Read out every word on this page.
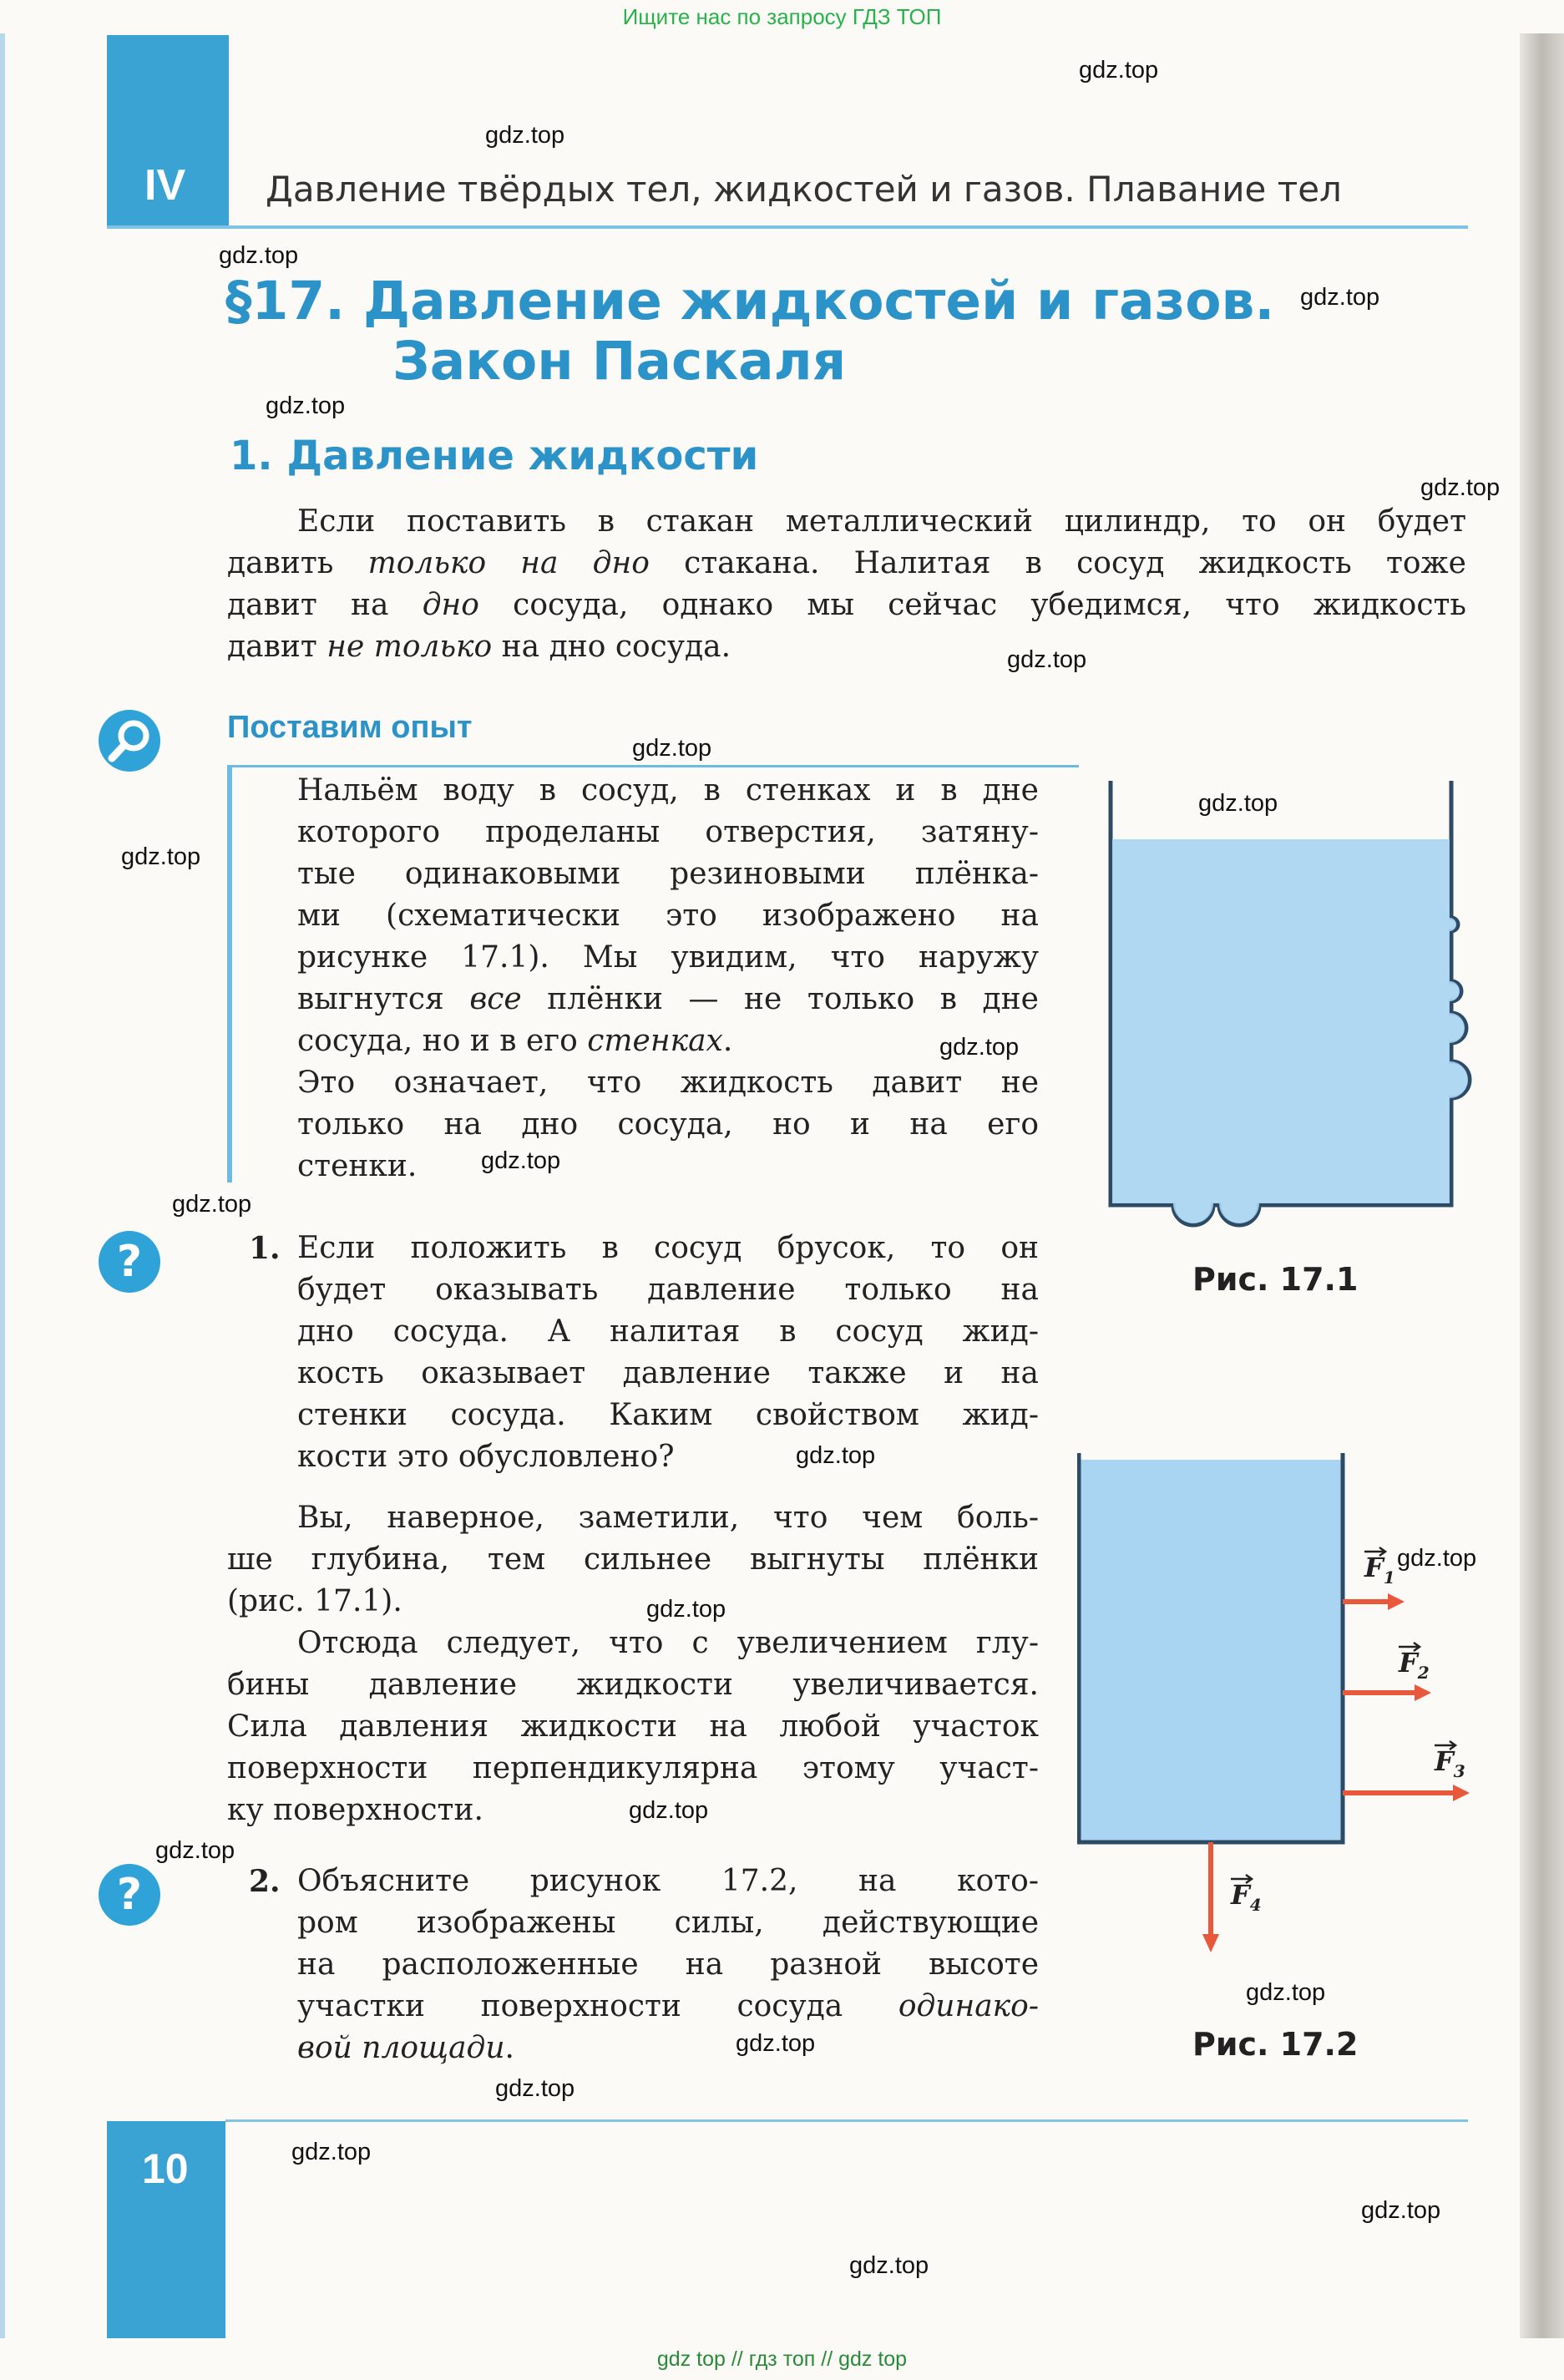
Ищите нас по запросу ГДЗ ТОП
IV Давление твёрдых тел, жидкостей и газов. Плавание тел
§17. Давление жидкостей и газов.
Закон Паскаля
1. Давление жидкости
Если поставить в стакан металлический цилиндр, то он будет
давить только на дно стакана. Налитая в сосуд жидкость тоже
давит на дно сосуда, однако мы сейчас убедимся, что жидкость
давит не только на дно сосуда.
Поставим опыт
Нальём воду в сосуд, в стенках и в дне
которого проделаны отверстия, затяну-
тые одинаковыми резиновыми плёнка-
ми (схематически это изображено на
рисунке 17.1). Мы увидим, что наружу
выгнутся все плёнки — не только в дне
сосуда, но и в его стенках.
Это означает, что жидкость давит не
только на дно сосуда, но и на его
стенки.
Рис. 17.1
?	1. Если положить в сосуд брусок, то он
будет оказывать давление только на
дно сосуда. А налитая в сосуд жид-
кость оказывает давление также и на
стенки сосуда. Каким свойством жид-
кости это обусловлено?
Вы, наверное, заметили, что чем боль-
ше глубина, тем сильнее выгнуты плёнки
(рис. 17.1).
Отсюда следует, что с увеличением глу-
бины давление жидкости увеличивается.
Сила давления жидкости на любой участок
поверхности перпендикулярна этому участ-
ку поверхности.
$F_1$
$F_2$
$F_3$
$F_4$
Рис. 17.2
?	2. Объясните рисунок 17.2, на кото-
ром изображены силы, действующие
на расположенные на разной высоте
участки поверхности сосуда одинако-
вой площади.
10
gdz.top
gdz.top
gdz.top
gdz.top
gdz.top
gdz.top
gdz.top
gdz.top
gdz.top
gdz.top
gdz.top
gdz.top
gdz.top
gdz.top
gdz.top
gdz.top
gdz.top
gdz.top
gdz.top
gdz.top
gdz.top
gdz.top
gdz.top
gdz.top
gdz top // гдз топ // gdz top
